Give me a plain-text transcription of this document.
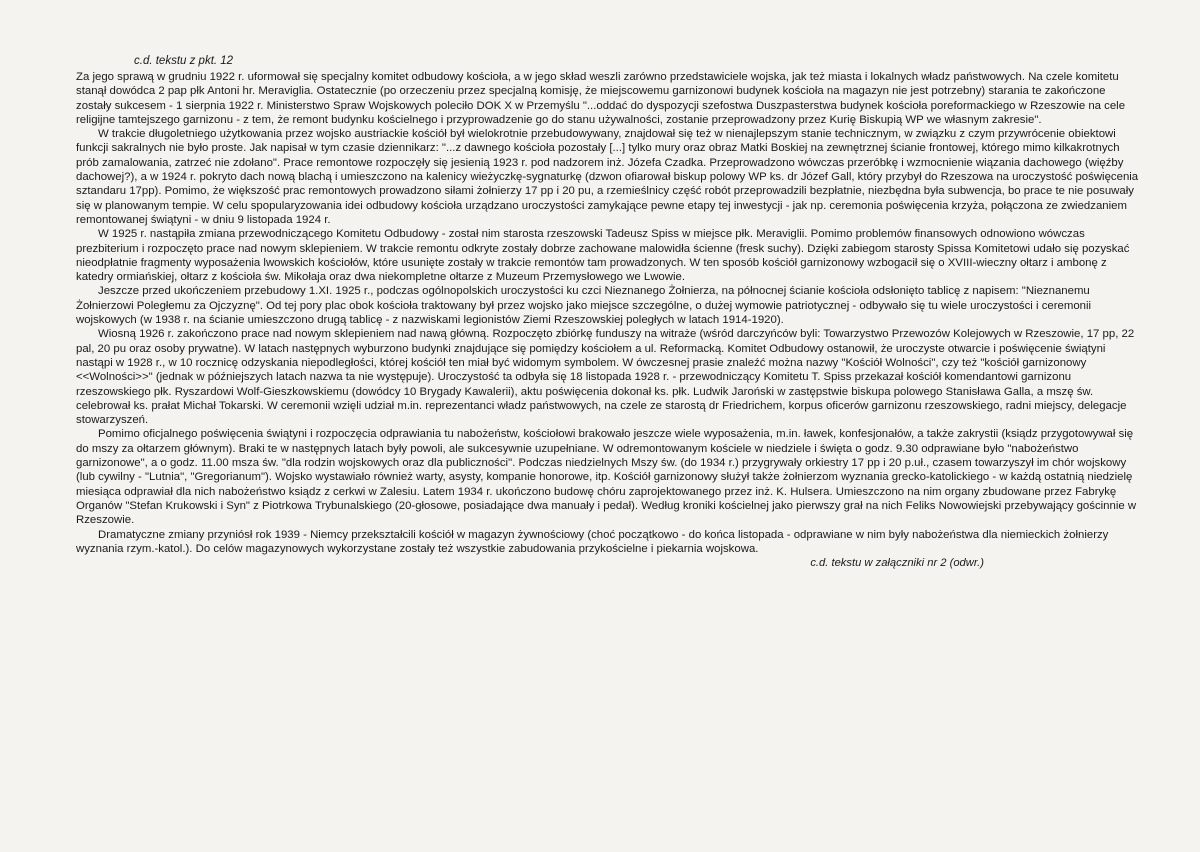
c.d. tekstu z pkt. 12

Za jego sprawą w grudniu 1922 r. uformował się specjalny komitet odbudowy kościoła, a w jego skład weszli zarówno przedstawiciele wojska, jak też miasta i lokalnych władz państwowych. Na czele komitetu stanął dowódca 2 pap płk Antoni hr. Meraviglia. Ostatecznie (po orzeczeniu przez specjalną komisję, że miejscowemu garnizonowi budynek kościoła na magazyn nie jest potrzebny) starania te zakończone zostały sukcesem - 1 sierpnia 1922 r. Ministerstwo Spraw Wojskowych poleciło DOK X w Przemyślu "...oddać do dyspozycji szefostwa Duszpasterstwa budynek kościoła poreformackiego w Rzeszowie na cele religijne tamtejszego garnizonu - z tem, że remont budynku kościelnego i przyprowadzenie go do stanu używalności, zostanie przeprowadzony przez Kurię Biskupią WP we własnym zakresie".

W trakcie długoletniego użytkowania przez wojsko austriackie kościół był wielokrotnie przebudowywany, znajdował się też w nienajlepszym stanie technicznym, w związku z czym przywrócenie obiektowi funkcji sakralnych nie było proste. Jak napisał w tym czasie dziennikarz: "...z dawnego kościoła pozostały [...] tylko mury oraz obraz Matki Boskiej na zewnętrznej ścianie frontowej, którego mimo kilkakrotnych prób zamalowania, zatrzeć nie zdołano". Prace remontowe rozpoczęły się jesienią 1923 r. pod nadzorem inż. Józefa Czadka. Przeprowadzono wówczas przeróbkę i wzmocnienie wiązania dachowego (więźby dachowej?), a w 1924 r. pokryto dach nową blachą i umieszczono na kalenicy wieżyczkę-sygnaturkę (dzwon ofiarował biskup polowy WP ks. dr Józef Gall, który przybył do Rzeszowa na uroczystość poświęcenia sztandaru 17pp). Pomimo, że większość prac remontowych prowadzono siłami żołnierzy 17 pp i 20 pu, a rzemieślnicy część robót przeprowadzili bezpłatnie, niezbędna była subwencja, bo prace te nie posuwały się w planowanym tempie. W celu spopularyzowania idei odbudowy kościoła urządzano uroczystości zamykające pewne etapy tej inwestycji - jak np. ceremonia poświęcenia krzyża, połączona ze zwiedzaniem remontowanej świątyni - w dniu 9 listopada 1924 r.

W 1925 r. nastąpiła zmiana przewodniczącego Komitetu Odbudowy - został nim starosta rzeszowski Tadeusz Spiss w miejsce płk. Meraviglii. Pomimo problemów finansowych odnowiono wówczas prezbiterium i rozpoczęto prace nad nowym sklepieniem. W trakcie remontu odkryte zostały dobrze zachowane malowidła ścienne (fresk suchy). Dzięki zabiegom starosty Spissa Komitetowi udało się pozyskać nieodpłatnie fragmenty wyposażenia lwowskich kościołów, które usunięte zostały w trakcie remontów tam prowadzonych. W ten sposób kościół garnizonowy wzbogacił się o XVIII-wieczny ołtarz i ambonę z katedry ormiańskiej, ołtarz z kościoła św. Mikołaja oraz dwa niekompletne ołtarze z Muzeum Przemysłowego we Lwowie.

Jeszcze przed ukończeniem przebudowy 1.XI. 1925 r., podczas ogólnopolskich uroczystości ku czci Nieznanego Żołnierza, na północnej ścianie kościoła odsłonięto tablicę z napisem: "Nieznanemu Żołnierzowi Poległemu za Ojczyznę". Od tej pory plac obok kościoła traktowany był przez wojsko jako miejsce szczególne, o dużej wymowie patriotycznej - odbywało się tu wiele uroczystości i ceremonii wojskowych (w 1938 r. na ścianie umieszczono drugą tablicę - z nazwiskami legionistów Ziemi Rzeszowskiej poległych w latach 1914-1920).

Wiosną 1926 r. zakończono prace nad nowym sklepieniem nad nawą główną. Rozpoczęto zbiórkę funduszy na witraże (wśród darczyńców byli: Towarzystwo Przewozów Kolejowych w Rzeszowie, 17 pp, 22 pal, 20 pu oraz osoby prywatne). W latach następnych wyburzono budynki znajdujące się pomiędzy kościołem a ul. Reformacką. Komitet Odbudowy ostanowił, że uroczyste otwarcie i poświęcenie świątyni nastąpi w 1928 r., w 10 rocznicę odzyskania niepodległości, której kościół ten miał być widomym symbolem. W ówczesnej prasie znaleźć można nazwy "Kościół Wolności", czy też "kościół garnizonowy <<Wolności>>" (jednak w późniejszych latach nazwa ta nie występuje). Uroczystość ta odbyła się 18 listopada 1928 r. - przewodniczący Komitetu T. Spiss przekazał kościół komendantowi garnizonu rzeszowskiego płk. Ryszardowi Wolf-Gieszkowskiemu (dowódcy 10 Brygady Kawalerii), aktu poświęcenia dokonał ks. płk. Ludwik Jaroński w zastępstwie biskupa polowego Stanisława Galla, a mszę św. celebrował ks. prałat Michał Tokarski. W ceremonii wzięli udział m.in. reprezentanci władz państwowych, na czele ze starostą dr Friedrichem, korpus oficerów garnizonu rzeszowskiego, radni miejscy, delegacje stowarzyszeń.

Pomimo oficjalnego poświęcenia świątyni i rozpoczęcia odprawiania tu nabożeństw, kościołowi brakowało jeszcze wiele wyposażenia, m.in. ławek, konfesjonałów, a także zakrystii (ksiądz przygotowywał się do mszy za ołtarzem głównym). Braki te w następnych latach były powoli, ale sukcesywnie uzupełniane. W odremontowanym kościele w niedziele i święta o godz. 9.30 odprawiane było "nabożeństwo garnizonowe", a o godz. 11.00 msza św. "dla rodzin wojskowych oraz dla publiczności". Podczas niedzielnych Mszy św. (do 1934 r.) przygrywały orkiestry 17 pp i 20 p.uł., czasem towarzyszył im chór wojskowy (lub cywilny - "Lutnia", "Gregorianum"). Wojsko wystawiało również warty, asysty, kompanie honorowe, itp. Kościół garnizonowy służył także żołnierzom wyznania grecko-katolickiego - w każdą ostatnią niedzielę miesiąca odprawiał dla nich nabożeństwo ksiądz z cerkwi w Zalesiu. Latem 1934 r. ukończono budowę chóru zaprojektowanego przez inż. K. Hulsera. Umieszczono na nim organy zbudowane przez Fabrykę Organów "Stefan Krukowski i Syn" z Piotrkowa Trybunalskiego (20-głosowe, posiadające dwa manuały i pedał). Według kroniki kościelnej jako pierwszy grał na nich Feliks Nowowiejski przebywający gościnnie w Rzeszowie.

Dramatyczne zmiany przyniósł rok 1939 - Niemcy przekształcili kościół w magazyn żywnościowy (choć początkowo - do końca listopada - odprawiane w nim były nabożeństwa dla niemieckich żołnierzy wyznania rzym.-katol.). Do celów magazynowych wykorzystane zostały też wszystkie zabudowania przykościelne i piekarnia wojskowa.

c.d. tekstu w załączniki nr 2 (odwr.)
